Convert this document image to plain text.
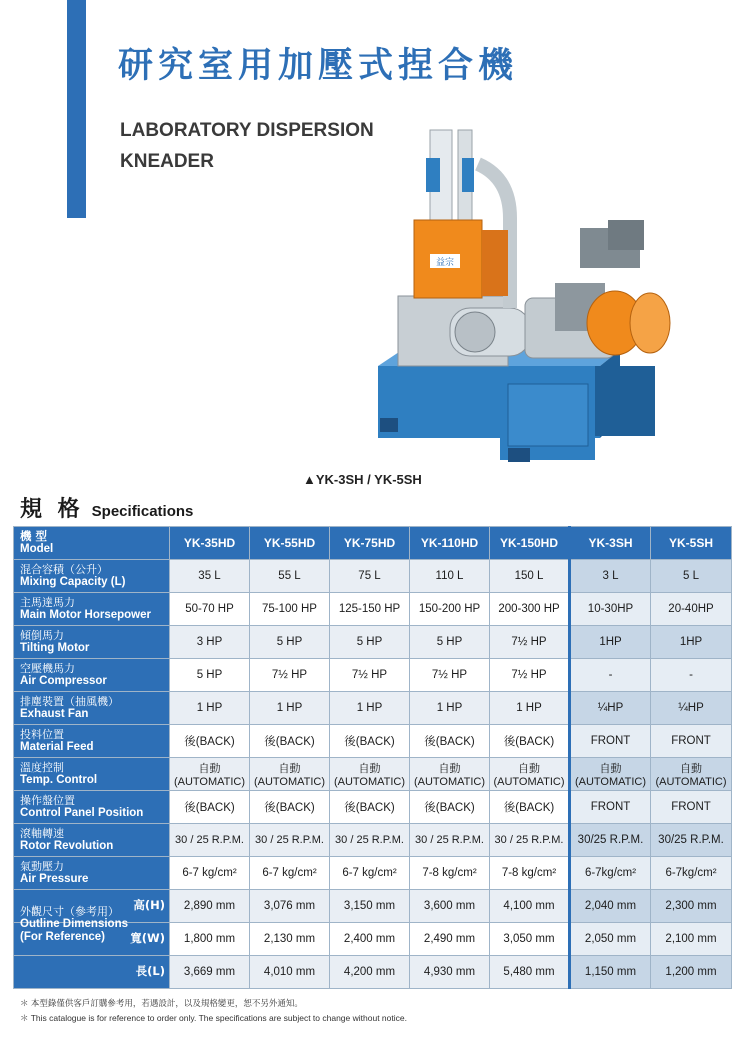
研究室用加壓式捏合機
LABORATORY DISPERSION
KNEADER
益宗
▲YK-3SH / YK-5SH
規 格 Specifications
機 型
Model	YK-35HD	YK-55HD	YK-75HD	YK-110HD	YK-150HD	YK-3SH	YK-5SH

混合容積（公升）
Mixing Capacity (L)	35 L	55 L	75 L	110 L	150 L	3 L	5 L

主馬達馬力
Main Motor Horsepower	50-70 HP	75-100 HP	125-150 HP	150-200 HP	200-300 HP	10-30HP	20-40HP

傾倒馬力
Tilting Motor	3 HP	5 HP	5 HP	5 HP	7½ HP	1HP	1HP

空壓機馬力
Air Compressor	5 HP	7½ HP	7½ HP	7½ HP	7½ HP	-	-

排塵裝置（抽風機）
Exhaust Fan	1 HP	1 HP	1 HP	1 HP	1 HP	¼HP	¼HP

投料位置
Material Feed	後(BACK)	後(BACK)	後(BACK)	後(BACK)	後(BACK)	FRONT	FRONT

溫度控制
Temp. Control	自動 (AUTOMATIC)	自動 (AUTOMATIC)	自動 (AUTOMATIC)	自動 (AUTOMATIC)	自動 (AUTOMATIC)	自動 (AUTOMATIC)	自動 (AUTOMATIC)

操作盤位置
Control Panel Position	後(BACK)	後(BACK)	後(BACK)	後(BACK)	後(BACK)	FRONT	FRONT

滾軸轉速
Rotor Revolution	30 / 25 R.P.M.	30 / 25 R.P.M.	30 / 25 R.P.M.	30 / 25 R.P.M.	30 / 25 R.P.M.	30/25 R.P.M.	30/25 R.P.M.

氣動壓力
Air Pressure	6-7 kg/cm²	6-7 kg/cm²	6-7 kg/cm²	7-8 kg/cm²	7-8 kg/cm²	6-7kg/cm²	6-7kg/cm²

高(H)	2,890 mm	3,076 mm	3,150 mm	3,600 mm	4,100 mm	2,040 mm	2,300 mm

外觀尺寸（參考用）
Outline Dimensions
(For Reference) 寬(W)	1,800 mm	2,130 mm	2,400 mm	2,490 mm	3,050 mm	2,050 mm	2,100 mm

長(L)	3,669 mm	4,010 mm	4,200 mm	4,930 mm	5,480 mm	1,150 mm	1,200 mm
＊ 本型錄僅供客戶訂購參考用，若遇設計，以及規格變更，恕不另外通知。
＊ This catalogue is for reference to order only. The specifications are subject to change without notice.
